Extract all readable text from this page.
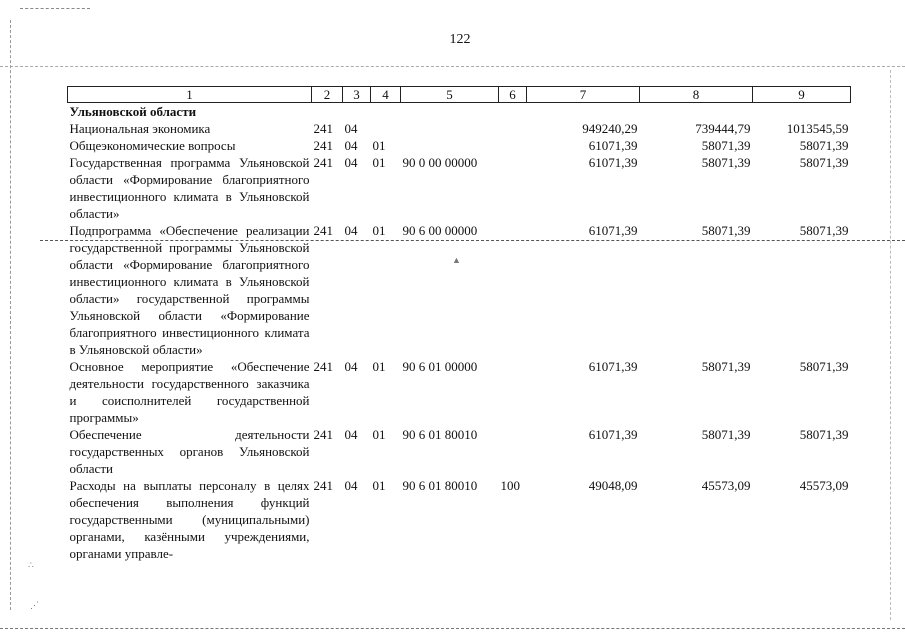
122
▲
∴
⋰
1	2	3	4	5	6	7	8	9
Ульяновской области								
Национальная экономика	241	04				949240,29	739444,79	1013545,59
Общеэкономические вопросы	241	04	01			61071,39	58071,39	58071,39
Государственная программа Ульяновской области «Формирование благоприятного инвестиционного климата в Ульяновской области»	241	04	01	90 0 00 00000		61071,39	58071,39	58071,39
Подпрограмма «Обеспечение реализации государственной программы Ульяновской области «Формирование благоприятного инвестиционного климата в Ульяновской области» государственной программы Ульяновской области «Формирование благоприятного инвестиционного климата в Ульяновской области»	241	04	01	90 6 00 00000		61071,39	58071,39	58071,39
Основное мероприятие «Обеспечение деятельности государственного заказчика и соисполнителей государственной программы»	241	04	01	90 6 01 00000		61071,39	58071,39	58071,39
Обеспечение деятельности государственных органов Ульяновской области	241	04	01	90 6 01 80010		61071,39	58071,39	58071,39
Расходы на выплаты персоналу в целях обеспечения выполнения функций государственными (муниципальными) органами, казёнными учреждениями, органами управле-	241	04	01	90 6 01 80010	100	49048,09	45573,09	45573,09
